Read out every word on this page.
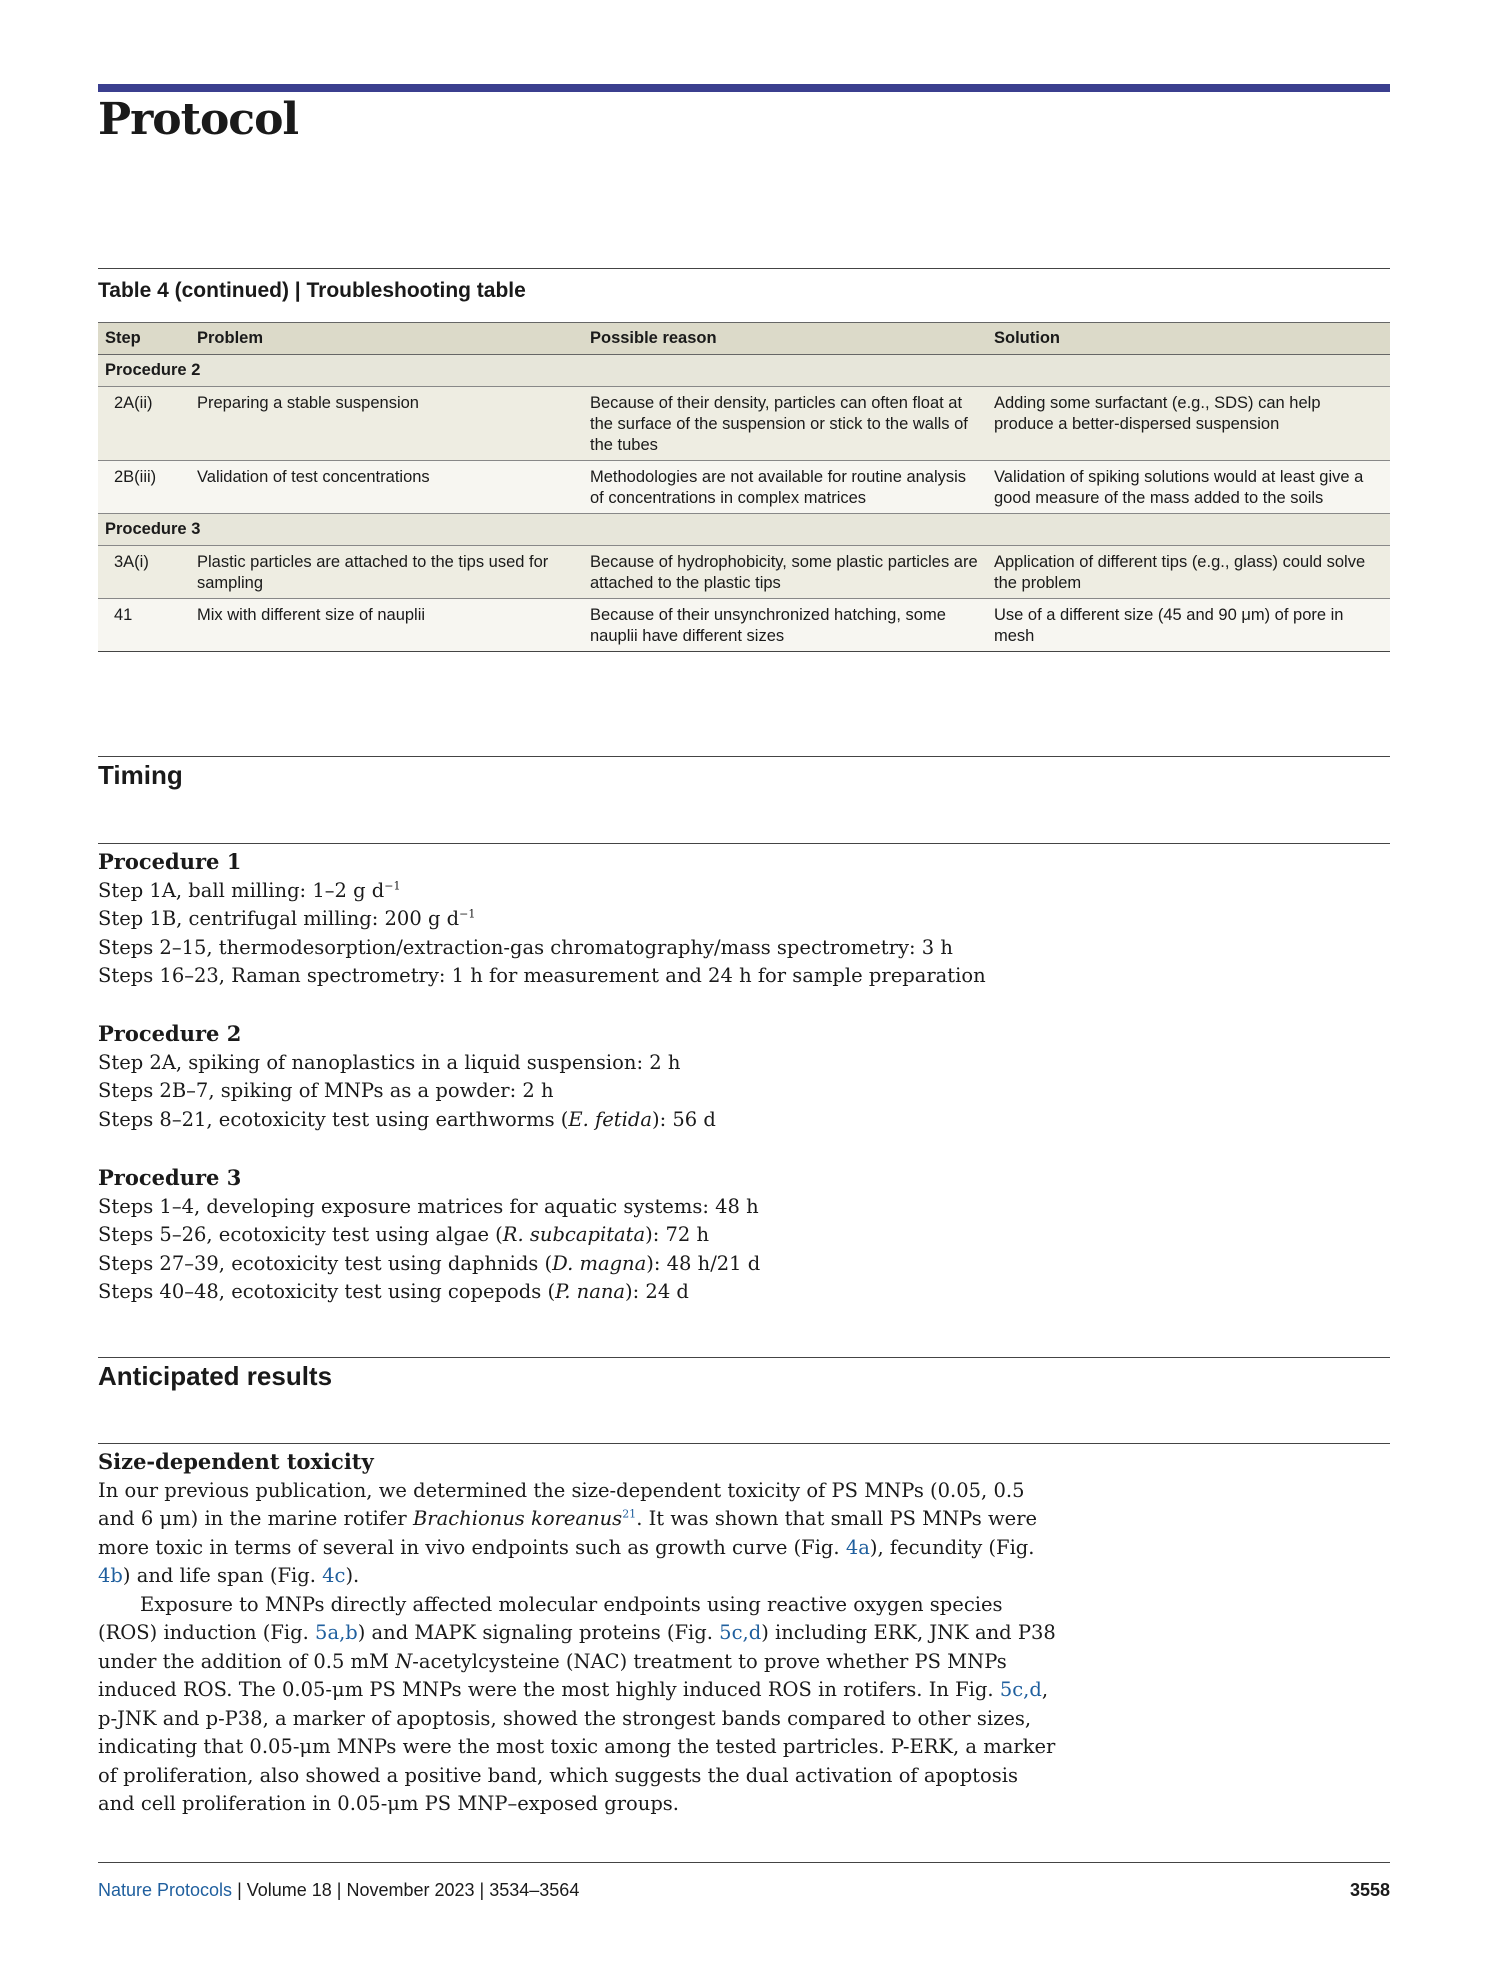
Protocol
Table 4 (continued) | Troubleshooting table
Step	Problem	Possible reason	Solution
Procedure 2			
2A(ii)	Preparing a stable suspension	Because of their density, particles can often float at the surface of the suspension or stick to the walls of the tubes	Adding some surfactant (e.g., SDS) can help produce a better-dispersed suspension
2B(iii)	Validation of test concentrations	Methodologies are not available for routine analysis of concentrations in complex matrices	Validation of spiking solutions would at least give a good measure of the mass added to the soils
Procedure 3			
3A(i)	Plastic particles are attached to the tips used for sampling	Because of hydrophobicity, some plastic particles are attached to the plastic tips	Application of different tips (e.g., glass) could solve the problem
41	Mix with different size of nauplii	Because of their unsynchronized hatching, some nauplii have different sizes	Use of a different size (45 and 90 μm) of pore in mesh
Timing
Procedure 1

Step 1A, ball milling: 1–2 g $d^{-1}$

Step 1B, centrifugal milling: 200 g $d^{-1}$

Steps 2–15, thermodesorption/extraction-gas chromatography/mass spectrometry: 3 h

Steps 16–23, Raman spectrometry: 1 h for measurement and 24 h for sample preparation

Procedure 2

Step 2A, spiking of nanoplastics in a liquid suspension: 2 h

Steps 2B–7, spiking of MNPs as a powder: 2 h

Steps 8–21, ecotoxicity test using earthworms (E. fetida): 56 d

Procedure 3

Steps 1–4, developing exposure matrices for aquatic systems: 48 h

Steps 5–26, ecotoxicity test using algae (R. subcapitata): 72 h

Steps 27–39, ecotoxicity test using daphnids (D. magna): 48 h/21 d

Steps 40–48, ecotoxicity test using copepods (P. nana): 24 d

Anticipated results
Size-dependent toxicity

In our previous publication, we determined the size-dependent toxicity of PS MNPs (0.05, 0.5 and 6 μm) in the marine rotifer Brachionus koreanus$^{21}$. It was shown that small PS MNPs were more toxic in terms of several in vivo endpoints such as growth curve (Fig. 4a), fecundity (Fig. 4b) and life span (Fig. 4c).

Exposure to MNPs directly affected molecular endpoints using reactive oxygen species (ROS) induction (Fig. 5a,b) and MAPK signaling proteins (Fig. 5c,d) including ERK, JNK and P38 under the addition of 0.5 mM N-acetylcysteine (NAC) treatment to prove whether PS MNPs induced ROS. The 0.05-μm PS MNPs were the most highly induced ROS in rotifers. In Fig. 5c,d, p-JNK and p-P38, a marker of apoptosis, showed the strongest bands compared to other sizes, indicating that 0.05-μm MNPs were the most toxic among the tested partricles. P-ERK, a marker of proliferation, also showed a positive band, which suggests the dual activation of apoptosis and cell proliferation in 0.05-μm PS MNP–exposed groups.

Nature Protocols | Volume 18 | November 2023 | 3534–3564	3558
